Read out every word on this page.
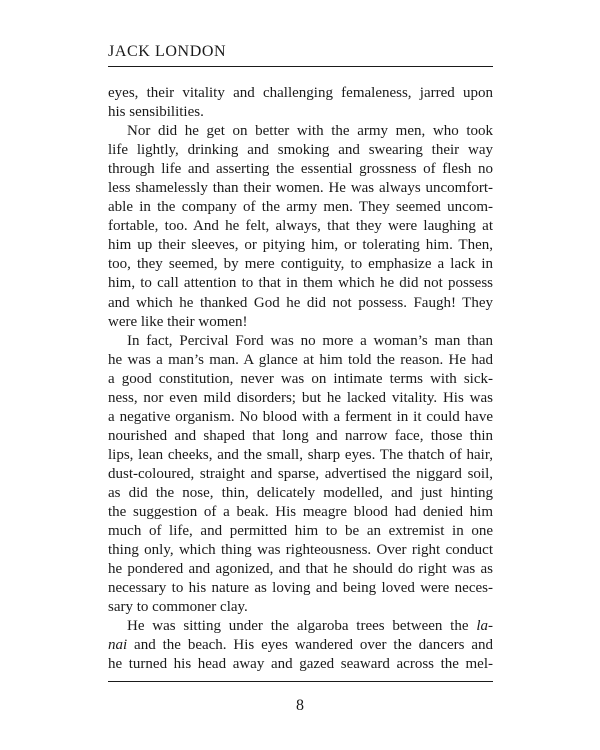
JACK LONDON
eyes, their vitality and challenging femaleness, jarred upon
his sensibilities.
Nor did he get on better with the army men, who took
life lightly, drinking and smoking and swearing their way
through life and asserting the essential grossness of flesh no
less shamelessly than their women. He was always uncomfort-
able in the company of the army men. They seemed uncom-
fortable, too. And he felt, always, that they were laughing at
him up their sleeves, or pitying him, or tolerating him. Then,
too, they seemed, by mere contiguity, to emphasize a lack in
him, to call attention to that in them which he did not possess
and which he thanked God he did not possess. Faugh! They
were like their women!
In fact, Percival Ford was no more a woman’s man than
he was a man’s man. A glance at him told the reason. He had
a good constitution, never was on intimate terms with sick-
ness, nor even mild disorders; but he lacked vitality. His was
a negative organism. No blood with a ferment in it could have
nourished and shaped that long and narrow face, those thin
lips, lean cheeks, and the small, sharp eyes. The thatch of hair,
dust-coloured, straight and sparse, advertised the niggard soil,
as did the nose, thin, delicately modelled, and just hinting
the suggestion of a beak. His meagre blood had denied him
much of life, and permitted him to be an extremist in one
thing only, which thing was righteousness. Over right conduct
he pondered and agonized, and that he should do right was as
necessary to his nature as loving and being loved were neces-
sary to commoner clay.
He was sitting under the algaroba trees between the la-
nai and the beach. His eyes wandered over the dancers and
he turned his head away and gazed seaward across the mel-
8
